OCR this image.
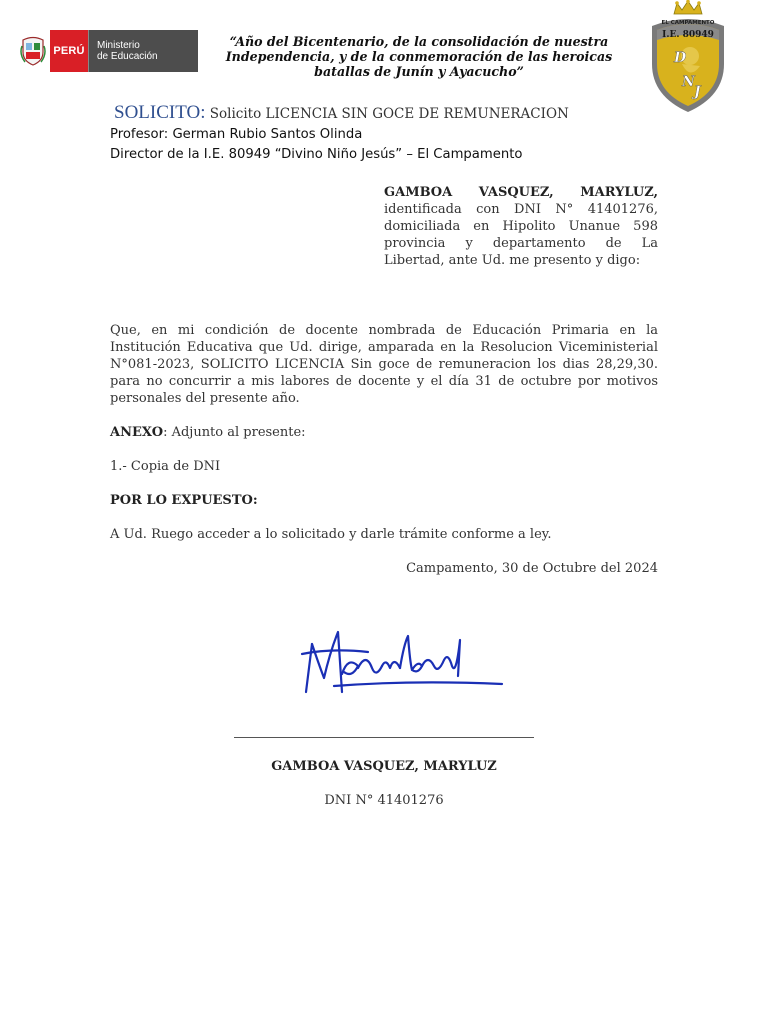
PERÚ	Ministerio
de Educación
“Año del Bicentenario, de la consolidación de nuestra Independencia, y de la conmemoración de las heroicas batallas de Junín y Ayacucho”
EL CAMPAMENTO
I.E. 80949
D
N
J
SOLICITO: Solicito LICENCIA SIN GOCE DE REMUNERACION
Profesor: German Rubio Santos Olinda
Director de la I.E. 80949 “Divino Niño Jesús” – El Campamento
GAMBOA VASQUEZ, MARYLUZ, identificada con DNI N° 41401276, domiciliada en Hipolito Unanue 598 provincia y departamento de La Libertad, ante Ud. me presento y digo:
Que, en mi condición de docente nombrada de Educación Primaria en la Institución Educativa que Ud. dirige, amparada en la Resolucion Viceministerial N°081-2023, SOLICITO LICENCIA Sin goce de remuneracion los dias 28,29,30. para no concurrir a mis labores de docente y el día 31 de octubre por motivos personales del presente año.
ANEXO: Adjunto al presente:
1.- Copia de DNI
POR LO EXPUESTO:
A Ud. Ruego acceder a lo solicitado y darle trámite conforme a ley.
Campamento, 30 de Octubre del 2024
GAMBOA VASQUEZ, MARYLUZ
DNI N° 41401276
